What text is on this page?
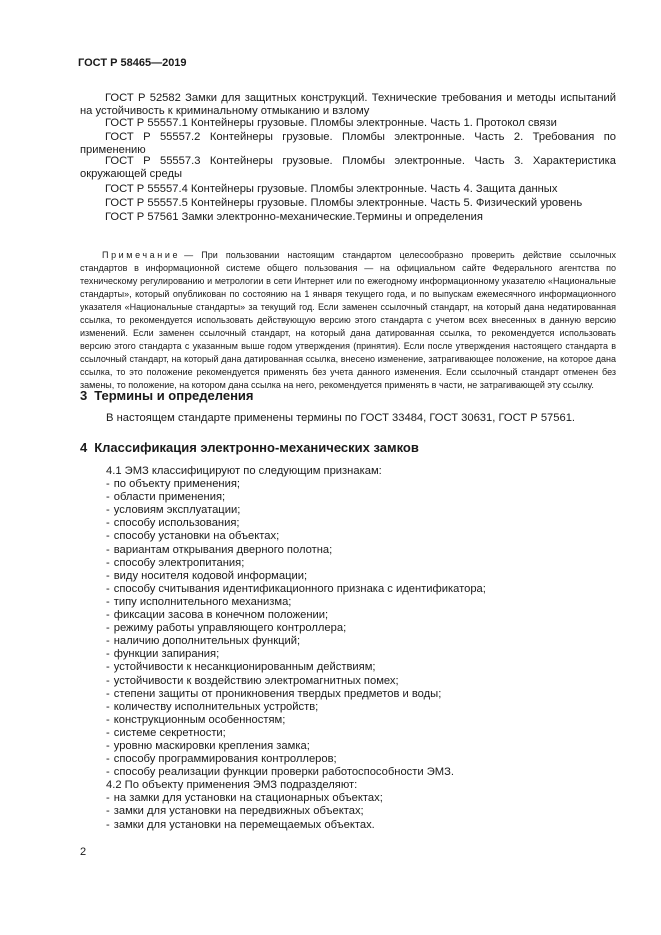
ГОСТ Р 58465—2019

ГОСТ Р 52582 Замки для защитных конструкций. Технические требования и методы испытаний на устойчивость к криминальному отмыканию и взлому

ГОСТ Р 55557.1 Контейнеры грузовые. Пломбы электронные. Часть 1. Протокол связи

ГОСТ Р 55557.2 Контейнеры грузовые. Пломбы электронные. Часть 2. Требования по применению

ГОСТ Р 55557.3 Контейнеры грузовые. Пломбы электронные. Часть 3. Характеристика окружающей среды

ГОСТ Р 55557.4 Контейнеры грузовые. Пломбы электронные. Часть 4. Защита данных

ГОСТ Р 55557.5 Контейнеры грузовые. Пломбы электронные. Часть 5. Физический уровень

ГОСТ Р 57561 Замки электронно-механические.Термины и определения

Примечание — При пользовании настоящим стандартом целесообразно проверить действие ссылочных стандартов в информационной системе общего пользования — на официальном сайте Федерального агентства по техническому регулированию и метрологии в сети Интернет или по ежегодному информационному указателю «Национальные стандарты», который опубликован по состоянию на 1 января текущего года, и по выпускам ежемесячного информационного указателя «Национальные стандарты» за текущий год. Если заменен ссылочный стандарт, на который дана недатированная ссылка, то рекомендуется использовать действующую версию этого стандарта с учетом всех внесенных в данную версию изменений. Если заменен ссылочный стандарт, на который дана датированная ссылка, то рекомендуется использовать версию этого стандарта с указанным выше годом утверждения (принятия). Если после утверждения настоящего стандарта в ссылочный стандарт, на который дана датированная ссылка, внесено изменение, затрагивающее положение, на которое дана ссылка, то это положение рекомендуется применять без учета данного изменения. Если ссылочный стандарт отменен без замены, то положение, на котором дана ссылка на него, рекомендуется применять в части, не затрагивающей эту ссылку.

3 Термины и определения

В настоящем стандарте применены термины по ГОСТ 33484, ГОСТ 30631, ГОСТ Р 57561.

4 Классификация электронно-механических замков
4.1 ЭМЗ классифицируют по следующим признакам:
- по объекту применения;
- области применения;
- условиям эксплуатации;
- способу использования;
- способу установки на объектах;
- вариантам открывания дверного полотна;
- способу электропитания;
- виду носителя кодовой информации;
- способу считывания идентификационного признака с идентификатора;
- типу исполнительного механизма;
- фиксации засова в конечном положении;
- режиму работы управляющего контроллера;
- наличию дополнительных функций;
- функции запирания;
- устойчивости к несанкционированным действиям;
- устойчивости к воздействию электромагнитных помех;
- степени защиты от проникновения твердых предметов и воды;
- количеству исполнительных устройств;
- конструкционным особенностям;
- системе секретности;
- уровню маскировки крепления замка;
- способу программирования контроллеров;
- способу реализации функции проверки работоспособности ЭМЗ.
4.2 По объекту применения ЭМЗ подразделяют:
- на замки для установки на стационарных объектах;
- замки для установки на передвижных объектах;
- замки для установки на перемещаемых объектах.
2
